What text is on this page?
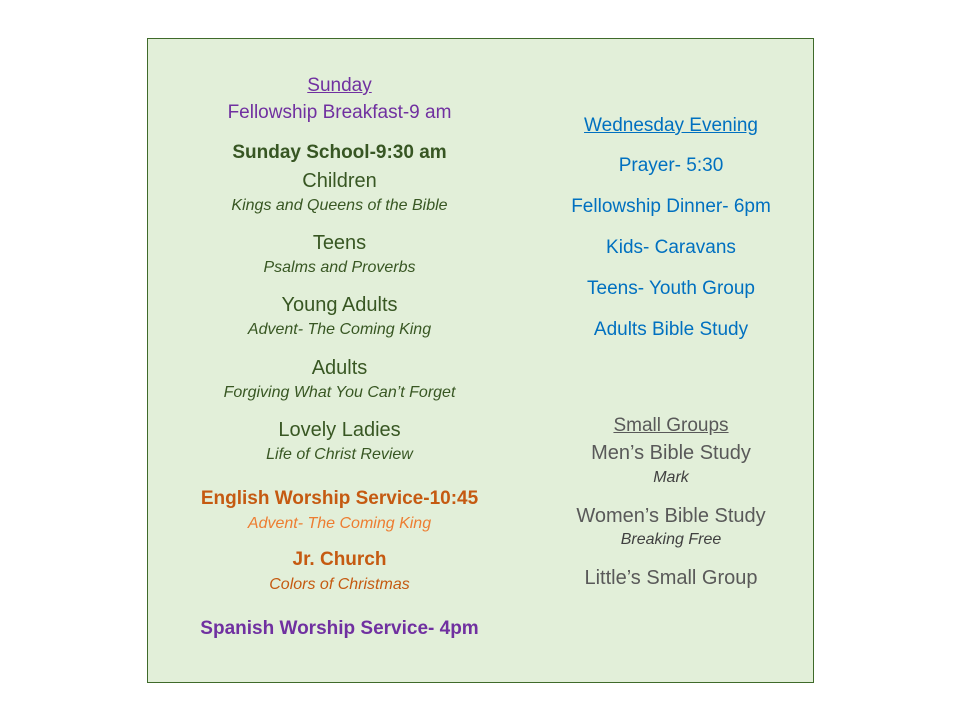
Sunday
Fellowship Breakfast-9 am
Sunday School-9:30 am
Children
Kings and Queens of the Bible
Teens
Psalms and Proverbs
Young Adults
Advent- The Coming King
Adults
Forgiving What You Can’t Forget
Lovely Ladies
Life of Christ Review
English Worship Service-10:45
Advent- The Coming King
Jr. Church
Colors of Christmas
Spanish Worship Service- 4pm
Wednesday Evening
Prayer- 5:30
Fellowship Dinner- 6pm
Kids- Caravans
Teens- Youth Group
Adults Bible Study
Small Groups
Men’s Bible Study
Mark
Women’s Bible Study
Breaking Free
Little’s Small Group
